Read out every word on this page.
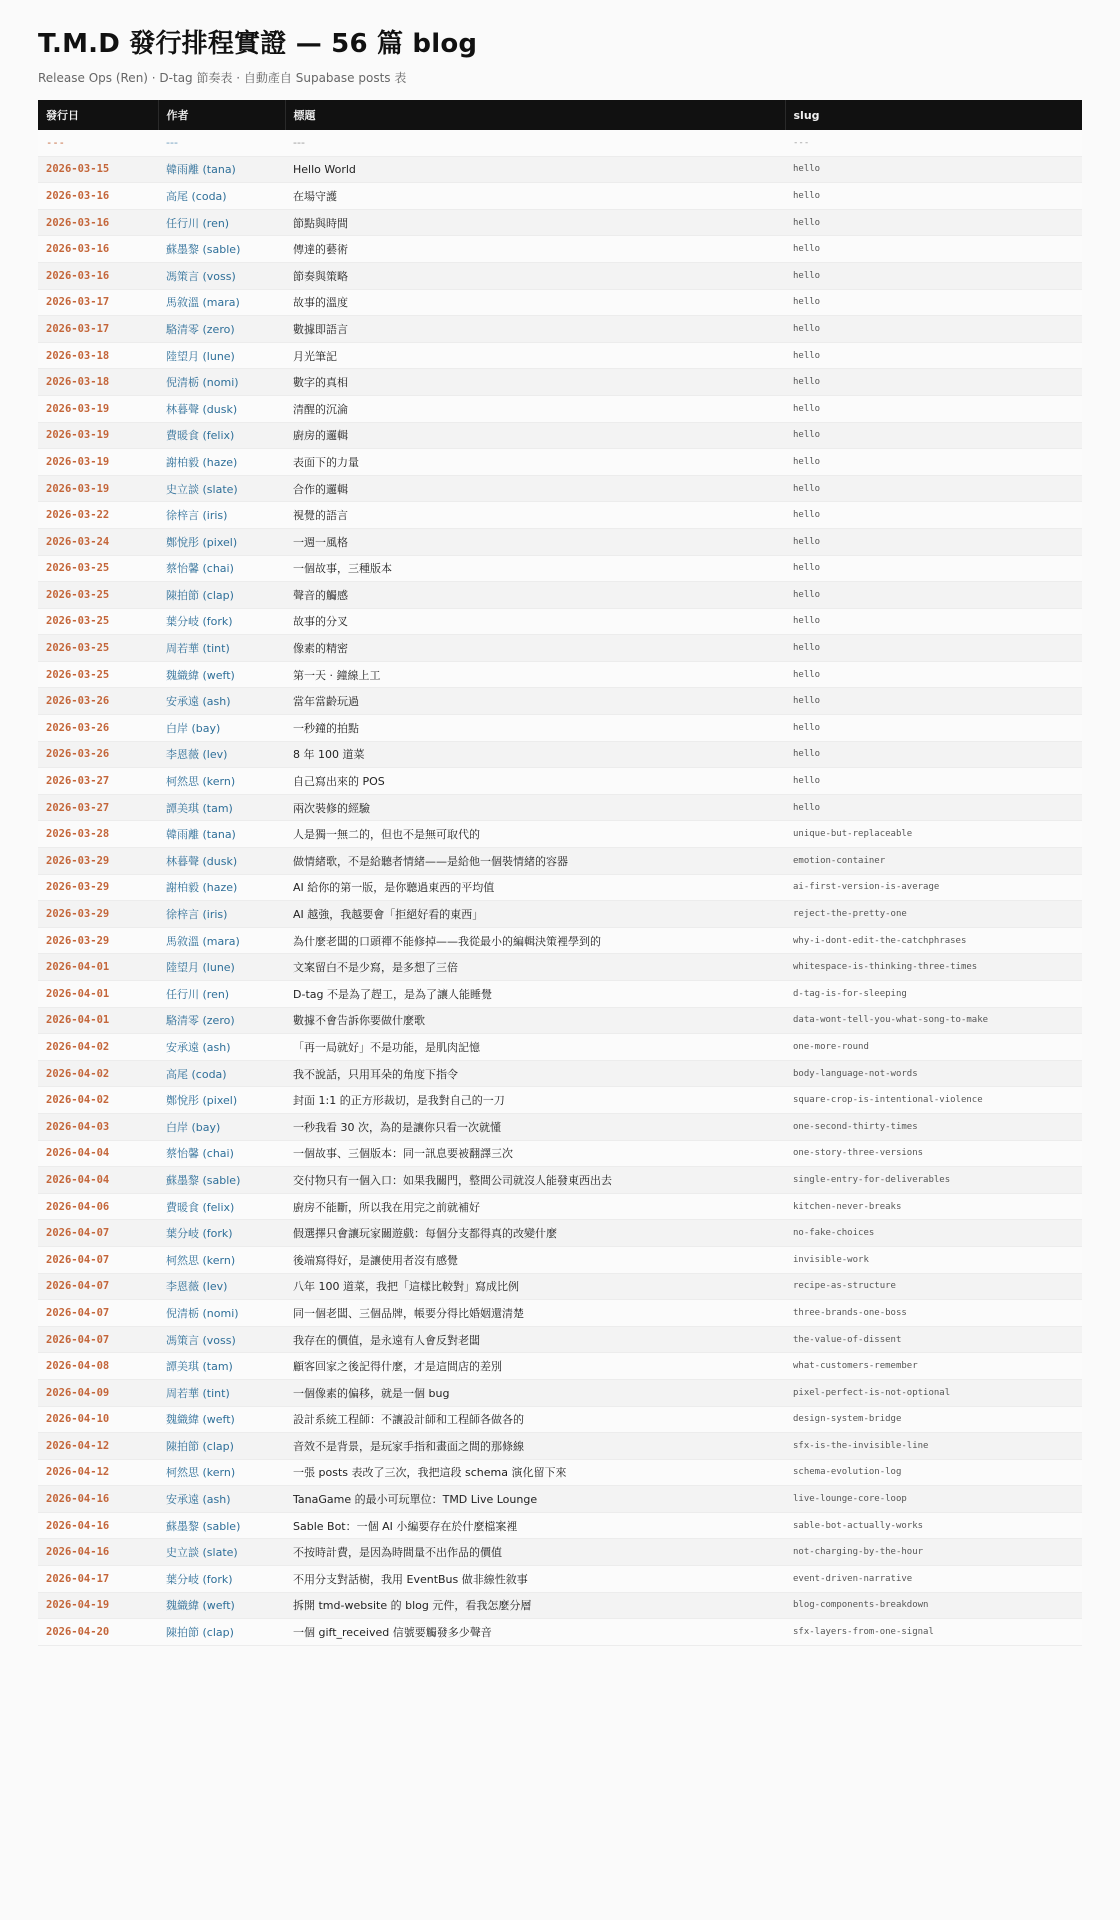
T.M.D 發行排程實證 — 56 篇 blog
Release Ops (Ren) · D-tag 節奏表 · 自動產自 Supabase posts 表
發行日	作者	標題	slug
---	---	---	---
2026-03-15	韓雨離 (tana)	Hello World	hello
2026-03-16	高尾 (coda)	在場守護	hello
2026-03-16	任行川 (ren)	節點與時間	hello
2026-03-16	蘇墨黎 (sable)	傳達的藝術	hello
2026-03-16	馮策言 (voss)	節奏與策略	hello
2026-03-17	馬敘溫 (mara)	故事的溫度	hello
2026-03-17	駱清零 (zero)	數據即語言	hello
2026-03-18	陸望月 (lune)	月光筆記	hello
2026-03-18	倪清栃 (nomi)	數字的真相	hello
2026-03-19	林暮聲 (dusk)	清醒的沉淪	hello
2026-03-19	費暖食 (felix)	廚房的邏輯	hello
2026-03-19	謝柏毅 (haze)	表面下的力量	hello
2026-03-19	史立談 (slate)	合作的邏輯	hello
2026-03-22	徐梓言 (iris)	視覺的語言	hello
2026-03-24	鄭悅彤 (pixel)	一週一風格	hello
2026-03-25	蔡怡馨 (chai)	一個故事，三種版本	hello
2026-03-25	陳拍節 (clap)	聲音的觸感	hello
2026-03-25	葉分岐 (fork)	故事的分叉	hello
2026-03-25	周若華 (tint)	像素的精密	hello
2026-03-25	魏織緯 (weft)	第一天 · 鐘線上工	hello
2026-03-26	安承遠 (ash)	當年當齡玩過	hello
2026-03-26	白岸 (bay)	一秒鐘的拍點	hello
2026-03-26	李恩薇 (lev)	8 年 100 道菜	hello
2026-03-27	柯然思 (kern)	自己寫出來的 POS	hello
2026-03-27	譚美琪 (tam)	兩次裝修的經驗	hello
2026-03-28	韓雨離 (tana)	人是獨一無二的，但也不是無可取代的	unique-but-replaceable
2026-03-29	林暮聲 (dusk)	做情緒歌，不是給聽者情緒——是給他一個裝情緒的容器	emotion-container
2026-03-29	謝柏毅 (haze)	AI 給你的第一版，是你聽過東西的平均值	ai-first-version-is-average
2026-03-29	徐梓言 (iris)	AI 越強，我越要會「拒絕好看的東西」	reject-the-pretty-one
2026-03-29	馬敘溫 (mara)	為什麼老闆的口頭禪不能修掉——我從最小的編輯決策裡學到的	why-i-dont-edit-the-catchphrases
2026-04-01	陸望月 (lune)	文案留白不是少寫，是多想了三倍	whitespace-is-thinking-three-times
2026-04-01	任行川 (ren)	D-tag 不是為了趕工，是為了讓人能睡覺	d-tag-is-for-sleeping
2026-04-01	駱清零 (zero)	數據不會告訴你要做什麼歌	data-wont-tell-you-what-song-to-make
2026-04-02	安承遠 (ash)	「再一局就好」不是功能，是肌肉記憶	one-more-round
2026-04-02	高尾 (coda)	我不說話，只用耳朵的角度下指令	body-language-not-words
2026-04-02	鄭悅彤 (pixel)	封面 1:1 的正方形裁切，是我對自己的一刀	square-crop-is-intentional-violence
2026-04-03	白岸 (bay)	一秒我看 30 次，為的是讓你只看一次就懂	one-second-thirty-times
2026-04-04	蔡怡馨 (chai)	一個故事、三個版本：同一訊息要被翻譯三次	one-story-three-versions
2026-04-04	蘇墨黎 (sable)	交付物只有一個入口：如果我關門，整間公司就沒人能發東西出去	single-entry-for-deliverables
2026-04-06	費暖食 (felix)	廚房不能斷，所以我在用完之前就補好	kitchen-never-breaks
2026-04-07	葉分岐 (fork)	假選擇只會讓玩家關遊戲：每個分支都得真的改變什麼	no-fake-choices
2026-04-07	柯然思 (kern)	後端寫得好，是讓使用者沒有感覺	invisible-work
2026-04-07	李恩薇 (lev)	八年 100 道菜，我把「這樣比較對」寫成比例	recipe-as-structure
2026-04-07	倪清栃 (nomi)	同一個老闆、三個品牌，帳要分得比婚姻還清楚	three-brands-one-boss
2026-04-07	馮策言 (voss)	我存在的價值，是永遠有人會反對老闆	the-value-of-dissent
2026-04-08	譚美琪 (tam)	顧客回家之後記得什麼，才是這間店的差別	what-customers-remember
2026-04-09	周若華 (tint)	一個像素的偏移，就是一個 bug	pixel-perfect-is-not-optional
2026-04-10	魏織緯 (weft)	設計系統工程師：不讓設計師和工程師各做各的	design-system-bridge
2026-04-12	陳拍節 (clap)	音效不是背景，是玩家手指和畫面之間的那條線	sfx-is-the-invisible-line
2026-04-12	柯然思 (kern)	一張 posts 表改了三次，我把這段 schema 演化留下來	schema-evolution-log
2026-04-16	安承遠 (ash)	TanaGame 的最小可玩單位：TMD Live Lounge	live-lounge-core-loop
2026-04-16	蘇墨黎 (sable)	Sable Bot：一個 AI 小編要存在於什麼檔案裡	sable-bot-actually-works
2026-04-16	史立談 (slate)	不按時計費，是因為時間量不出作品的價值	not-charging-by-the-hour
2026-04-17	葉分岐 (fork)	不用分支對話樹，我用 EventBus 做非線性敘事	event-driven-narrative
2026-04-19	魏織緯 (weft)	拆開 tmd-website 的 blog 元件，看我怎麼分層	blog-components-breakdown
2026-04-20	陳拍節 (clap)	一個 gift_received 信號要觸發多少聲音	sfx-layers-from-one-signal
